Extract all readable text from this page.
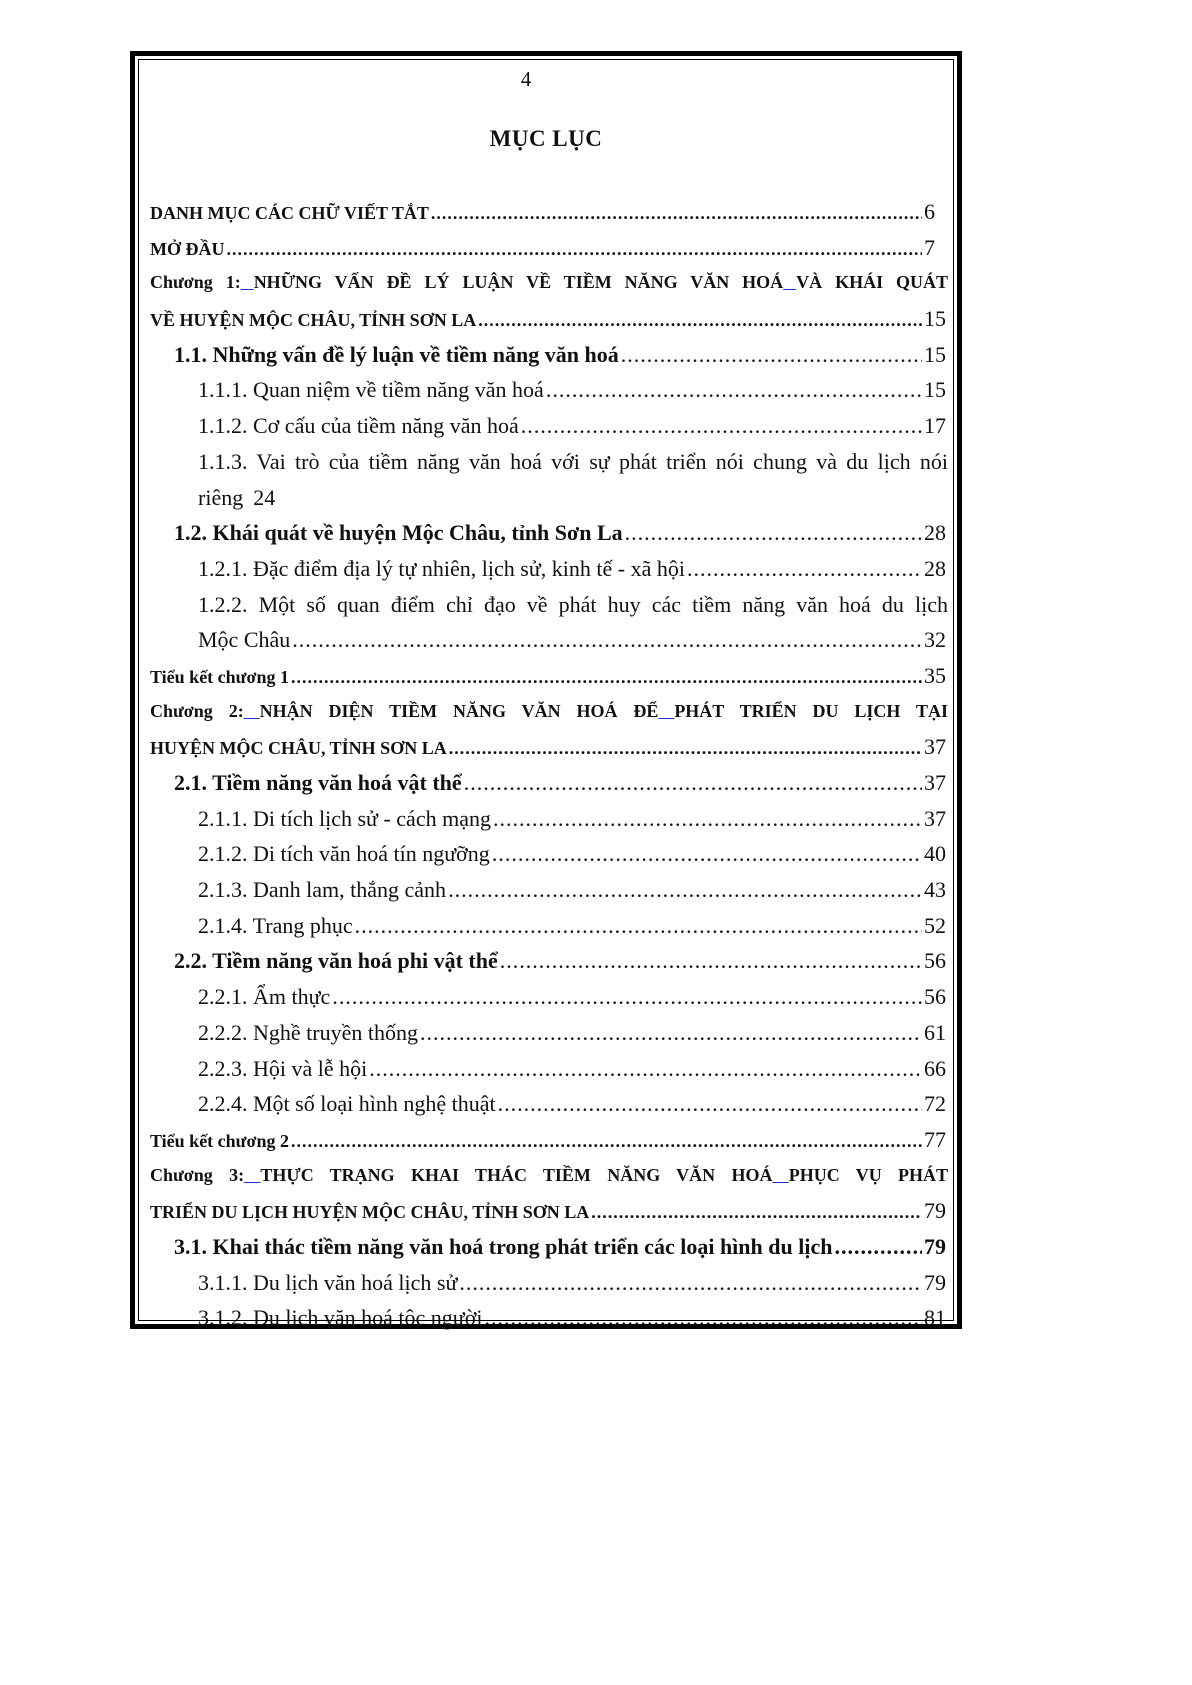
4
MỤC LỤC
DANH MỤC CÁC CHỮ VIẾT TẮT .....	6
MỞ ĐẦU .....	7
Chương 1: NHỮNG VẤN ĐỀ LÝ LUẬN VỀ TIỀM NĂNG VĂN HOÁ VÀ KHÁI QUÁT
VỀ HUYỆN MỘC CHÂU, TỈNH SƠN LA .....	15
1.1. Những vấn đề lý luận về tiềm năng văn hoá .....	15
1.1.1. Quan niệm về tiềm năng văn hoá .....	15
1.1.2. Cơ cấu của tiềm năng văn hoá .....	17
1.1.3. Vai trò của tiềm năng văn hoá với sự phát triển nói chung và du lịch nói
riêng 24
1.2. Khái quát về huyện Mộc Châu, tỉnh Sơn La .....	28
1.2.1. Đặc điểm địa lý tự nhiên, lịch sử, kinh tế - xã hội .....	28
1.2.2. Một số quan điểm chỉ đạo về phát huy các tiềm năng văn hoá du lịch
Mộc Châu .....	32
Tiểu kết chương 1 .....	35
Chương 2: NHẬN DIỆN TIỀM NĂNG VĂN HOÁ ĐỂ PHÁT TRIỂN DU LỊCH TẠI
HUYỆN MỘC CHÂU, TỈNH SƠN LA .....	37
2.1. Tiềm năng văn hoá vật thể .....	37
2.1.1. Di tích lịch sử - cách mạng .....	37
2.1.2. Di tích văn hoá tín ngưỡng .....	40
2.1.3. Danh lam, thắng cảnh .....	43
2.1.4. Trang phục .....	52
2.2. Tiềm năng văn hoá phi vật thể .....	56
2.2.1. Ẩm thực .....	56
2.2.2. Nghề truyền thống .....	61
2.2.3. Hội và lễ hội .....	66
2.2.4. Một số loại hình nghệ thuật .....	72
Tiểu kết chương 2 .....	77
Chương 3: THỰC TRẠNG KHAI THÁC TIỀM NĂNG VĂN HOÁ PHỤC VỤ PHÁT
TRIỂN DU LỊCH HUYỆN MỘC CHÂU, TỈNH SƠN LA .....	79
3.1. Khai thác tiềm năng văn hoá trong phát triển các loại hình du lịch .....	79
3.1.1. Du lịch văn hoá lịch sử .....	79
3.1.2. Du lịch văn hoá tộc người .....	81
